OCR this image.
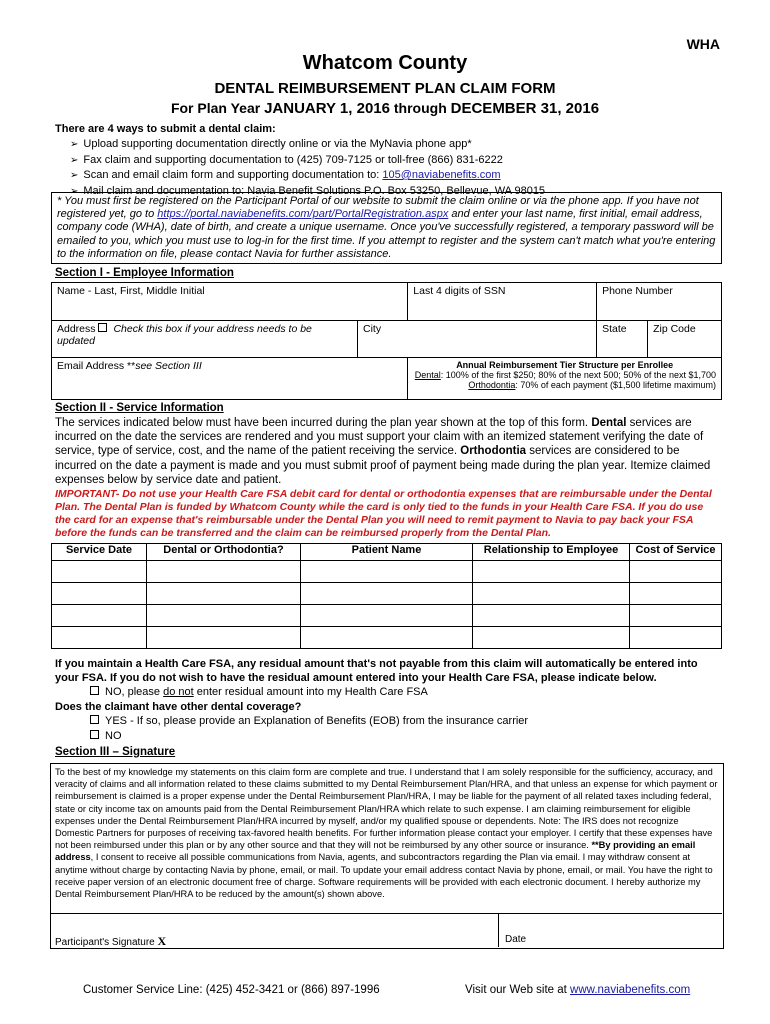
WHA
Whatcom County
DENTAL REIMBURSEMENT PLAN CLAIM FORM
For Plan Year JANUARY 1, 2016 through DECEMBER 31, 2016
There are 4 ways to submit a dental claim:
➢ Upload supporting documentation directly online or via the MyNavia phone app*
➢ Fax claim and supporting documentation to (425) 709-7125 or toll-free (866) 831-6222
➢ Scan and email claim form and supporting documentation to: 105@naviabenefits.com
➢ Mail claim and documentation to: Navia Benefit Solutions P.O. Box 53250, Bellevue, WA 98015
* You must first be registered on the Participant Portal of our website to submit the claim online or via the phone app. If you have not registered yet, go to https://portal.naviabenefits.com/part/PortalRegistration.aspx and enter your last name, first initial, email address, company code (WHA), date of birth, and create a unique username. Once you've successfully registered, a temporary password will be emailed to you, which you must use to log-in for the first time. If you attempt to register and the system can't match what you're entering to the information on file, please contact Navia for further assistance.
Section I - Employee Information
Name - Last, First, Middle Initial		Last 4 digits of SSN	Phone Number	
Address Check this box if your address needs to be updated	City		State	Zip Code
Email Address **see Section III		Annual Reimbursement Tier Structure per Enrollee
Dental: 100% of the first $250; 80% of the next 500; 50% of the next $1,700
Orthodontia: 70% of each payment ($1,500 lifetime maximum)		
Section II - Service Information
The services indicated below must have been incurred during the plan year shown at the top of this form. Dental services are incurred on the date the services are rendered and you must support your claim with an itemized statement verifying the date of service, type of service, cost, and the name of the patient receiving the service. Orthodontia services are considered to be incurred on the date a payment is made and you must submit proof of payment being made during the plan year. Itemize claimed expenses below by service date and patient.
IMPORTANT- Do not use your Health Care FSA debit card for dental or orthodontia expenses that are reimbursable under the Dental Plan. The Dental Plan is funded by Whatcom County while the card is only tied to the funds in your Health Care FSA. If you do use the card for an expense that's reimbursable under the Dental Plan you will need to remit payment to Navia to pay back your FSA before the funds can be transferred and the claim can be reimbursed properly from the Dental Plan.
Service Date	Dental or Orthodontia?	Patient Name	Relationship to Employee	Cost of Service

If you maintain a Health Care FSA, any residual amount that's not payable from this claim will automatically be entered into your FSA. If you do not wish to have the residual amount entered into your Health Care FSA, please indicate below.
NO, please do not enter residual amount into my Health Care FSA
Does the claimant have other dental coverage?
YES - If so, please provide an Explanation of Benefits (EOB) from the insurance carrier
NO
Section III – Signature
To the best of my knowledge my statements on this claim form are complete and true. I understand that I am solely responsible for the sufficiency, accuracy, and veracity of claims and all information related to these claims submitted to my Dental Reimbursement Plan/HRA, and that unless an expense for which payment or reimbursement is claimed is a proper expense under the Dental Reimbursement Plan/HRA, I may be liable for the payment of all related taxes including federal, state or city income tax on amounts paid from the Dental Reimbursement Plan/HRA which relate to such expense. I am claiming reimbursement for eligible expenses under the Dental Reimbursement Plan/HRA incurred by myself, and/or my qualified spouse or dependents. Note: The IRS does not recognize Domestic Partners for purposes of receiving tax-favored health benefits. For further information please contact your employer. I certify that these expenses have not been reimbursed under this plan or by any other source and that they will not be reimbursed by any other source or insurance. **By providing an email address, I consent to receive all possible communications from Navia, agents, and subcontractors regarding the Plan via email. I may withdraw consent at anytime without charge by contacting Navia by phone, email, or mail. To update your email address contact Navia by phone, email, or mail. You have the right to receive paper version of an electronic document free of charge. Software requirements will be provided with each electronic document. I hereby authorize my Dental Reimbursement Plan/HRA to be reduced by the amount(s) shown above.
Participant's Signature X	Date
Customer Service Line: (425) 452-3421 or (866) 897-1996	Visit our Web site at www.naviabenefits.com
